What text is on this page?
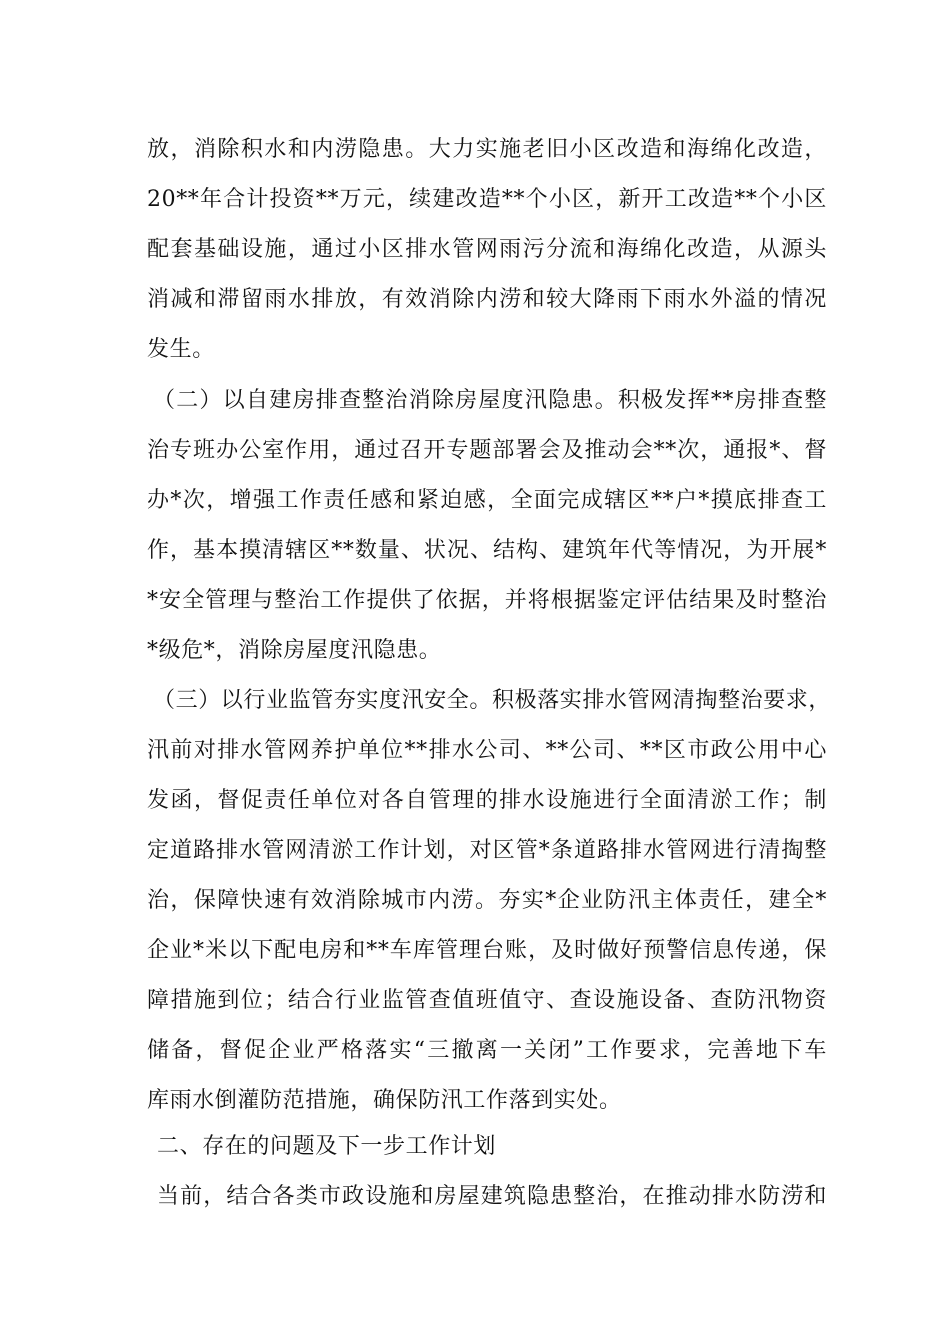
放，消除积水和内涝隐患。大力实施老旧小区改造和海绵化改造，
20**年合计投资**万元，续建改造**个小区，新开工改造**个小区
配套基础设施，通过小区排水管网雨污分流和海绵化改造，从源头
消减和滞留雨水排放，有效消除内涝和较大降雨下雨水外溢的情况
发生。
（二）以自建房排查整治消除房屋度汛隐患。积极发挥**房排查整
治专班办公室作用，通过召开专题部署会及推动会**次，通报*、督
办*次，增强工作责任感和紧迫感，全面完成辖区**户*摸底排查工
作，基本摸清辖区**数量、状况、结构、建筑年代等情况，为开展*
*安全管理与整治工作提供了依据，并将根据鉴定评估结果及时整治
*级危*，消除房屋度汛隐患。
（三）以行业监管夯实度汛安全。积极落实排水管网清掏整治要求，
汛前对排水管网养护单位**排水公司、**公司、**区市政公用中心
发函，督促责任单位对各自管理的排水设施进行全面清淤工作；制
定道路排水管网清淤工作计划，对区管*条道路排水管网进行清掏整
治，保障快速有效消除城市内涝。夯实*企业防汛主体责任，建全*
企业*米以下配电房和**车库管理台账，及时做好预警信息传递，保
障措施到位；结合行业监管查值班值守、查设施设备、查防汛物资
储备，督促企业严格落实“三撤离一关闭”工作要求，完善地下车
库雨水倒灌防范措施，确保防汛工作落到实处。
二、存在的问题及下一步工作计划
当前，结合各类市政设施和房屋建筑隐患整治，在推动排水防涝和
